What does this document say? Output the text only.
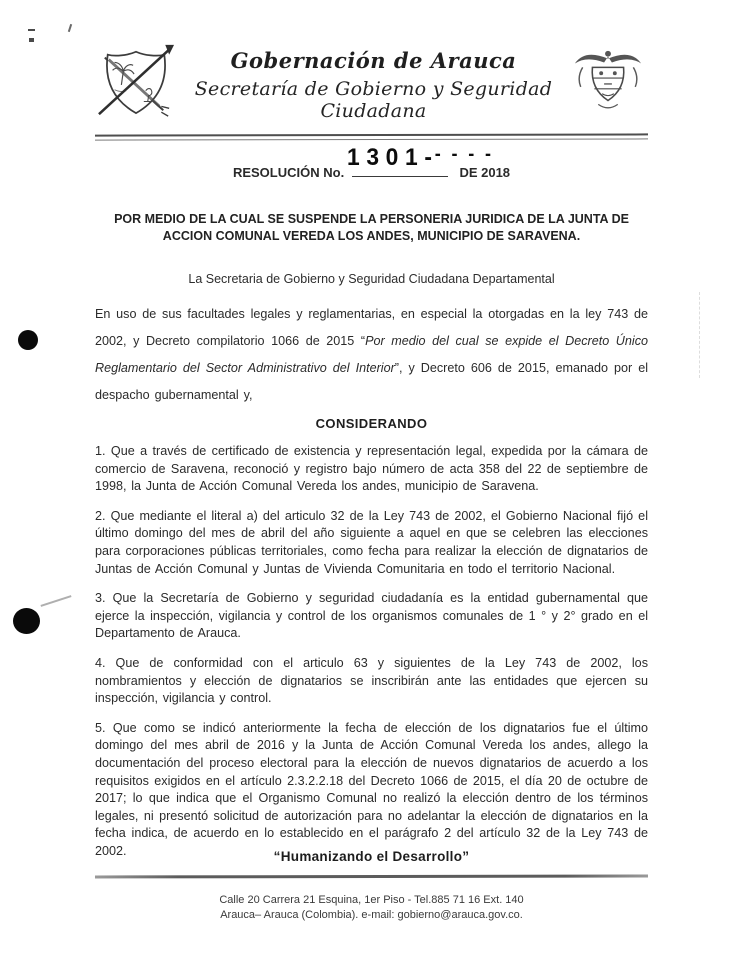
Gobernación de Arauca
Secretaría de Gobierno y Seguridad Ciudadana
RESOLUCIÓN No.	DE 2018
1301-- - - -

POR MEDIO DE LA CUAL SE SUSPENDE LA PERSONERIA JURIDICA DE LA JUNTA DE ACCION COMUNAL VEREDA LOS ANDES, MUNICIPIO DE SARAVENA.

La Secretaria de Gobierno y Seguridad Ciudadana Departamental

En uso de sus facultades legales y reglamentarias, en especial la otorgadas en la ley 743 de 2002, y Decreto compilatorio 1066 de 2015 “Por medio del cual se expide el Decreto Único Reglamentario del Sector Administrativo del Interior”, y Decreto 606 de 2015, emanado por el despacho gubernamental y,

CONSIDERANDO

1. Que a través de certificado de existencia y representación legal, expedida por la cámara de comercio de Saravena, reconoció y registro bajo número de acta 358 del 22 de septiembre de 1998, la Junta de Acción Comunal Vereda los andes, municipio de Saravena.

2. Que mediante el literal a) del articulo 32 de la Ley 743 de 2002, el Gobierno Nacional fijó el último domingo del mes de abril del año siguiente a aquel en que se celebren las elecciones para corporaciones públicas territoriales, como fecha para realizar la elección de dignatarios de Juntas de Acción Comunal y Juntas de Vivienda Comunitaria en todo el territorio Nacional.

3. Que la Secretaría de Gobierno y seguridad ciudadanía es la entidad gubernamental que ejerce la inspección, vigilancia y control de los organismos comunales de 1 ° y 2° grado en el Departamento de Arauca.

4. Que de conformidad con el articulo 63 y siguientes de la Ley 743 de 2002, los nombramientos y elección de dignatarios se inscribirán ante las entidades que ejercen su inspección, vigilancia y control.

5. Que como se indicó anteriormente la fecha de elección de los dignatarios fue el último domingo del mes abril de 2016 y la Junta de Acción Comunal Vereda los andes, allego la documentación del proceso electoral para la elección de nuevos dignatarios de acuerdo a los requisitos exigidos en el artículo 2.3.2.2.18 del Decreto 1066 de 2015, el día 20 de octubre de 2017; lo que indica que el Organismo Comunal no realizó la elección dentro de los términos legales, ni presentó solicitud de autorización para no adelantar la elección de dignatarios en la fecha indica, de acuerdo en lo establecido en el parágrafo 2 del artículo 32 de la Ley 743 de 2002.	“Humanizando el Desarrollo”
Calle 20 Carrera 21 Esquina, 1er Piso - Tel.885 71 16 Ext. 140
Arauca– Arauca (Colombia). e-mail: gobierno@arauca.gov.co.
